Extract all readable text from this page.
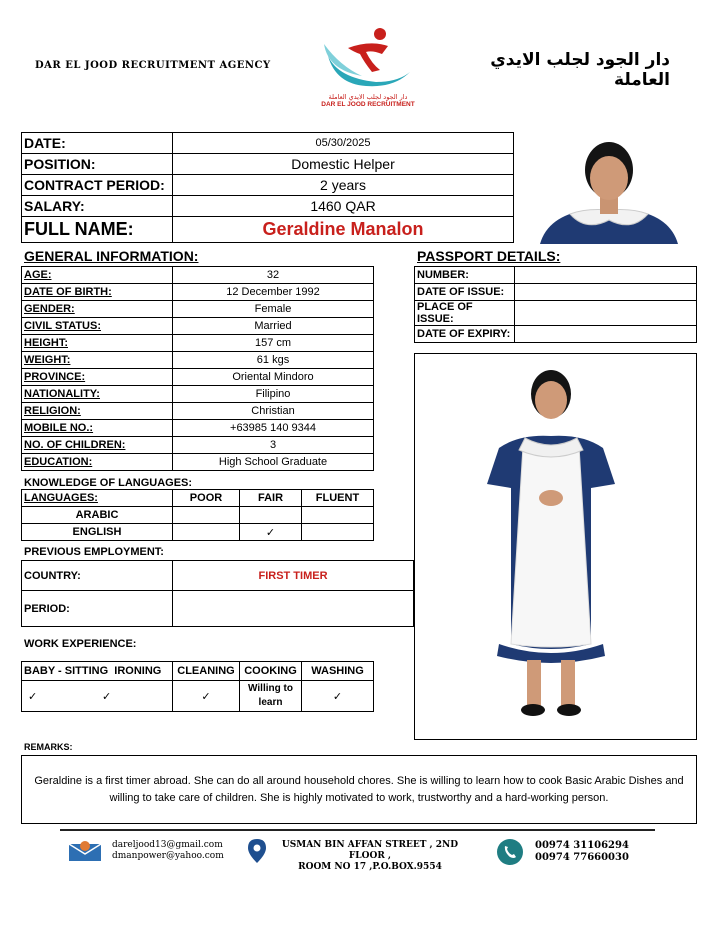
DAR EL JOOD RECRUITMENT AGENCY
دار الجود لجلب الايدي العاملة
DAR EL JOOD RECRUITMENT
دار الجود لجلب الايدي العاملة
DATE:	05/30/2025
POSITION:	Domestic Helper
CONTRACT PERIOD:	2 years
SALARY:	1460 QAR
FULL NAME:	Geraldine Manalon
GENERAL INFORMATION:
AGE:	32
DATE OF BIRTH:	12 December 1992
GENDER:	Female
CIVIL STATUS:	Married
HEIGHT:	157 cm
WEIGHT:	61 kgs
PROVINCE:	Oriental Mindoro
NATIONALITY:	Filipino
RELIGION:	Christian
MOBILE NO.:	+63985 140 9344
NO. OF CHILDREN:	3
EDUCATION:	High School Graduate
PASSPORT DETAILS:
NUMBER:	
DATE OF ISSUE:	
PLACE OF ISSUE:	
DATE OF EXPIRY:	
KNOWLEDGE OF LANGUAGES:
LANGUAGES:	POOR	FAIR	FLUENT
ARABIC			
ENGLISH		✓	
PREVIOUS EMPLOYMENT:
COUNTRY:	FIRST TIMER
PERIOD:	
WORK EXPERIENCE:
BABY - SITTING IRONING	CLEANING	COOKING	WASHING
✓ ✓	✓	Willing to learn	✓
REMARKS:
Geraldine is a first timer abroad. She can do all around household chores. She is willing to learn how to cook Basic Arabic Dishes and willing to take care of children. She is highly motivated to work, trustworthy and a hard-working person.
dareljood13@gmail.com
dmanpower@yahoo.com
USMAN BIN AFFAN STREET , 2ND FLOOR ,
ROOM NO 17 ,P.O.BOX.9554
00974 31106294
00974 77660030
